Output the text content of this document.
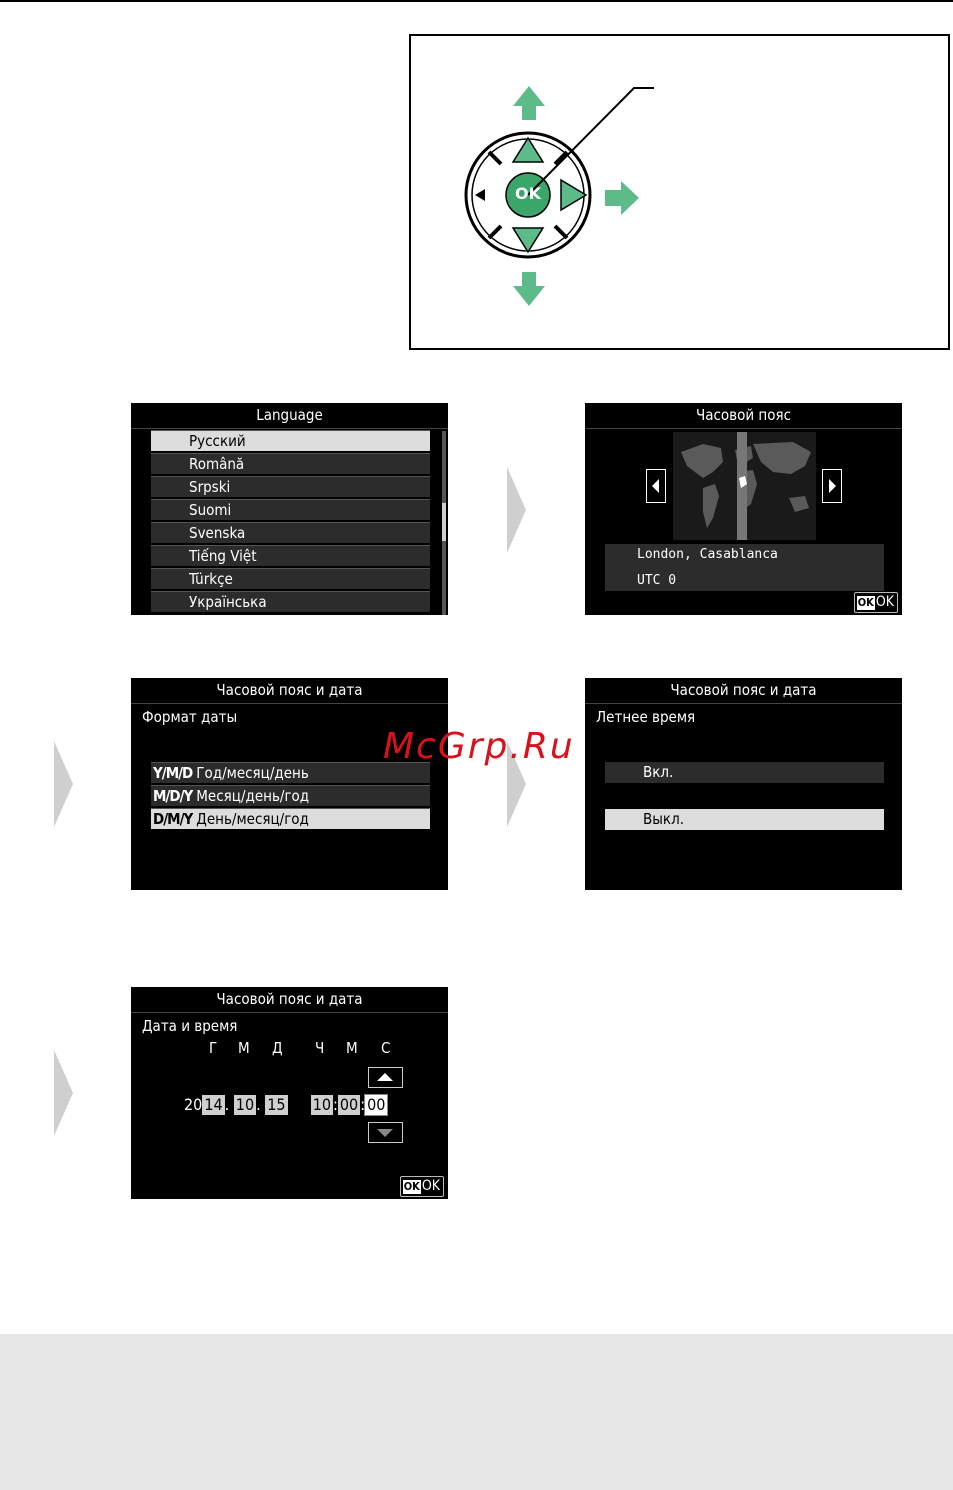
OK
Language
Русский
Română
Srpski
Suomi
Svenska
Tiếng Việt
Türkçe
Українська
Часовой пояс
London, Casablanca
UTC 0
OK OK
Часовой пояс и дата
Формат даты
Y/M/D Год/месяц/день
M/D/Y Месяц/день/год
D/M/Y День/месяц/год
Часовой пояс и дата
Летнее время
Вкл.
Выкл.
Часовой пояс и дата
Дата и время
Г М Д Ч М С
20 14 . 10 . 15 10 : 00 : 00
OK OK
McGrp.Ru
